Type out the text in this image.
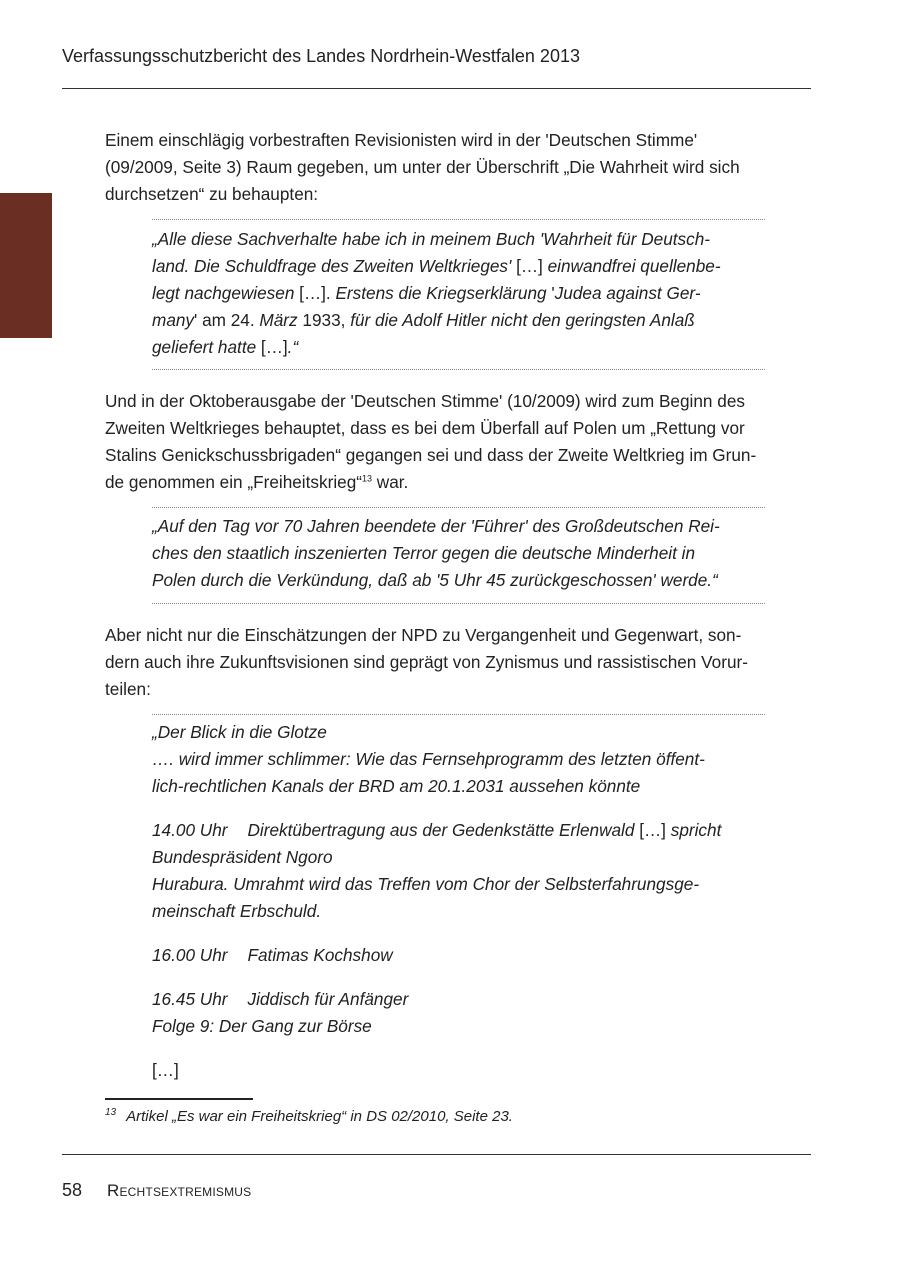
Verfassungsschutzbericht des Landes Nordrhein-Westfalen 2013

Einem einschlägig vorbestraften Revisionisten wird in der 'Deutschen Stimme'
(09/2009, Seite 3) Raum gegeben, um unter der Überschrift „Die Wahrheit wird sich
durchsetzen“ zu behaupten:

„Alle diese Sachverhalte habe ich in meinem Buch 'Wahrheit für Deutsch-
land. Die Schuldfrage des Zweiten Weltkrieges' […] einwandfrei quellenbe-
legt nachgewiesen […]. Erstens die Kriegserklärung 'Judea against Ger-
many' am 24. März 1933, für die Adolf Hitler nicht den geringsten Anlaß
geliefert hatte […].“

Und in der Oktoberausgabe der 'Deutschen Stimme' (10/2009) wird zum Beginn des
Zweiten Weltkrieges behauptet, dass es bei dem Überfall auf Polen um „Rettung vor
Stalins Genickschussbrigaden“ gegangen sei und dass der Zweite Weltkrieg im Grun-
de genommen ein „Freiheitskrieg“$^{13}$ war.

„Auf den Tag vor 70 Jahren beendete der 'Führer' des Großdeutschen Rei-
ches den staatlich inszenierten Terror gegen die deutsche Minderheit in
Polen durch die Verkündung, daß ab '5 Uhr 45 zurückgeschossen' werde.“

Aber nicht nur die Einschätzungen der NPD zu Vergangenheit und Gegenwart, son-
dern auch ihre Zukunftsvisionen sind geprägt von Zynismus und rassistischen Vorur-
teilen:

„Der Blick in die Glotze
…. wird immer schlimmer: Wie das Fernsehprogramm des letzten öffent-
lich-rechtlichen Kanals der BRD am 20.1.2031 aussehen könnte
14.00 Uhr Direktübertragung aus der Gedenkstätte Erlenwald […] spricht
Bundespräsident Ngoro
Hurabura. Umrahmt wird das Treffen vom Chor der Selbsterfahrungsge-
meinschaft Erbschuld.
16.00 Uhr Fatimas Kochshow
16.45 Uhr Jiddisch für Anfänger
Folge 9: Der Gang zur Börse
[…]
$^{13}$ Artikel „Es war ein Freiheitskrieg“ in DS 02/2010, Seite 23.
58 Rechtsextremismus
